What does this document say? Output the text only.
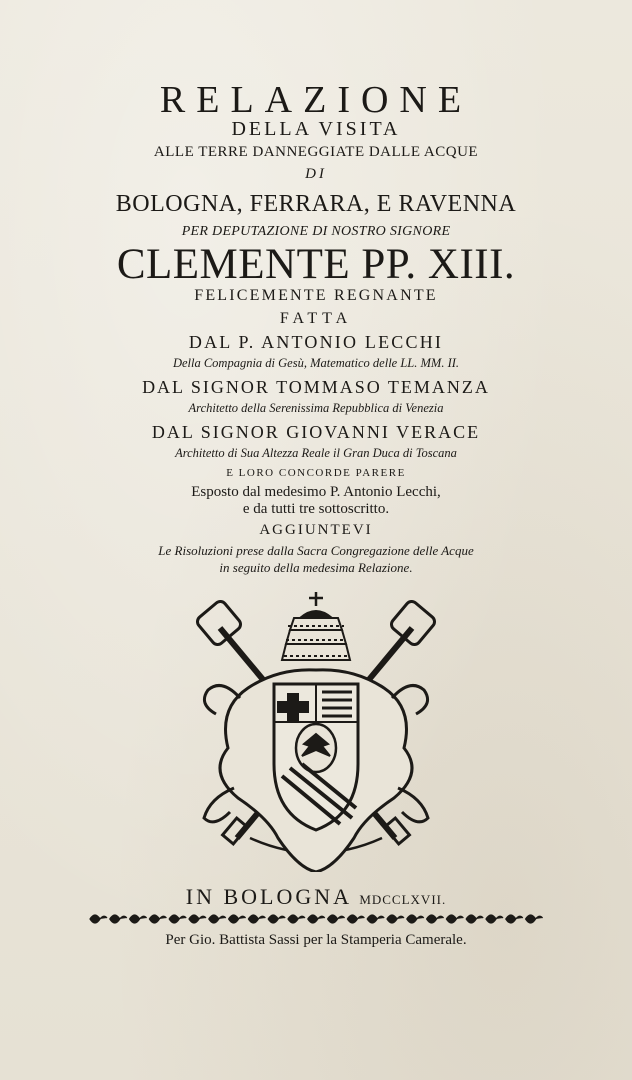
RELAZIONE
DELLA VISITA
ALLE TERRE DANNEGGIATE DALLE ACQUE
DI
BOLOGNA, FERRARA, E RAVENNA
PER DEPUTAZIONE DI NOSTRO SIGNORE
CLEMENTE PP. XIII.
FELICEMENTE REGNANTE
FATTA
DAL P. ANTONIO LECCHI
Della Compagnia di Gesù, Matematico delle LL. MM. II.
DAL SIGNOR TOMMASO TEMANZA
Architetto della Serenissima Repubblica di Venezia
DAL SIGNOR GIOVANNI VERACE
Architetto di Sua Altezza Reale il Gran Duca di Toscana
E LORO CONCORDE PARERE
Esposto dal medesimo P. Antonio Lecchi,
e da tutti tre sottoscritto.
AGGIUNTEVI
Le Risoluzioni prese dalla Sacra Congregazione delle Acque
in seguito della medesima Relazione.
IN BOLOGNA MDCCLXVII.
Per Gio. Battista Sassi per la Stamperia Camerale.
